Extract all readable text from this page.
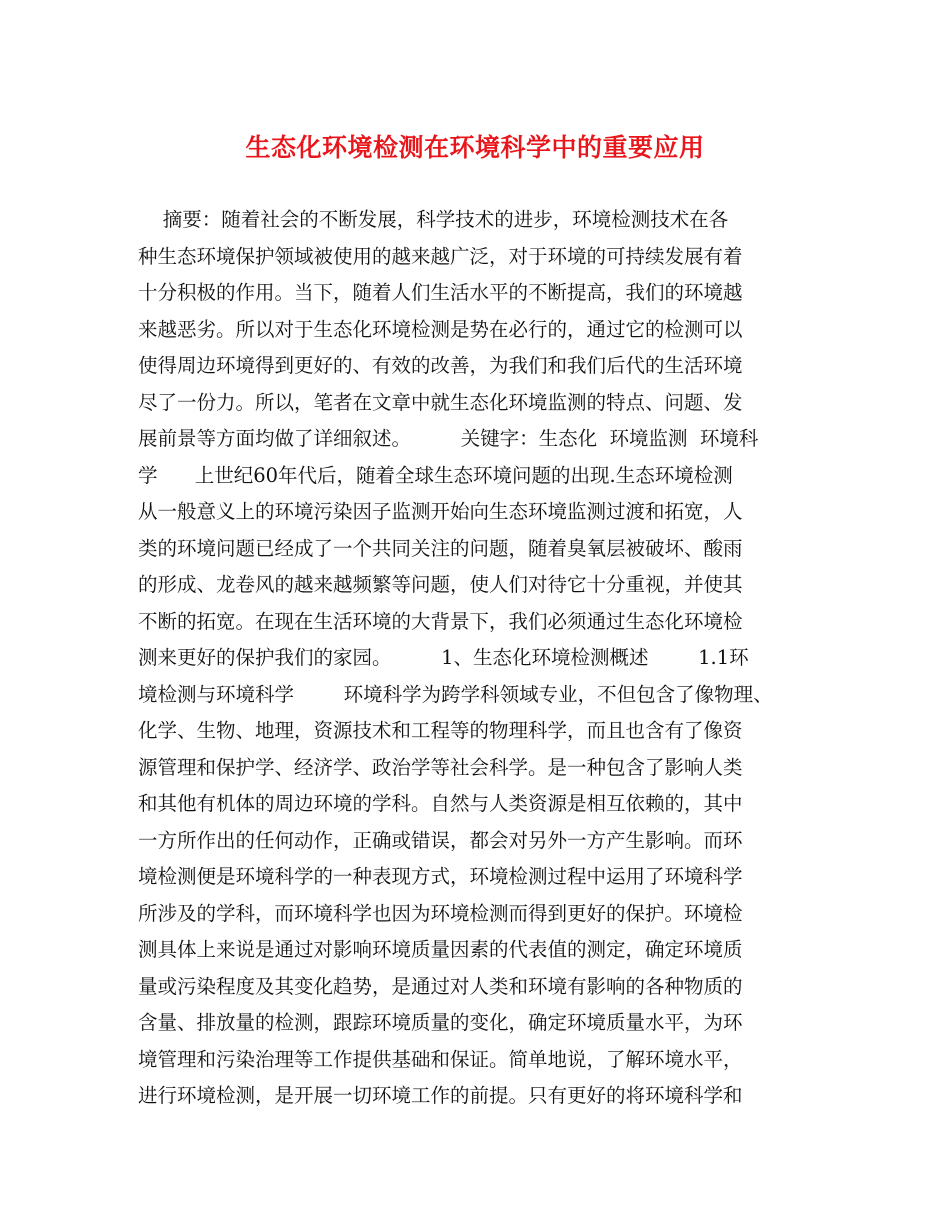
生态化环境检测在环境科学中的重要应用
摘要：随着社会的不断发展，科学技术的进步，环境检测技术在各
种生态环境保护领域被使用的越来越广泛，对于环境的可持续发展有着
十分积极的作用。当下，随着人们生活水平的不断提高，我们的环境越
来越恶劣。所以对于生态化环境检测是势在必行的，通过它的检测可以
使得周边环境得到更好的、有效的改善，为我们和我们后代的生活环境
尽了一份力。所以，笔者在文章中就生态化环境监测的特点、问题、发
展前景等方面均做了详细叙述。        关键字：生态化  环境监测  环境科
学      上世纪60年代后，随着全球生态环境问题的出现.生态环境检测
从一般意义上的环境污染因子监测开始向生态环境监测过渡和拓宽，人
类的环境问题已经成了一个共同关注的问题，随着臭氧层被破坏、酸雨
的形成、龙卷风的越来越频繁等问题，使人们对待它十分重视，并使其
不断的拓宽。在现在生活环境的大背景下，我们必须通过生态化环境检
测来更好的保护我们的家园。        1、生态化环境检测概述        1.1环
境检测与环境科学        环境科学为跨学科领域专业，不但包含了像物理、
化学、生物、地理，资源技术和工程等的物理科学，而且也含有了像资
源管理和保护学、经济学、政治学等社会科学。是一种包含了影响人类
和其他有机体的周边环境的学科。自然与人类资源是相互依赖的，其中
一方所作出的任何动作，正确或错误，都会对另外一方产生影响。而环
境检测便是环境科学的一种表现方式，环境检测过程中运用了环境科学
所涉及的学科，而环境科学也因为环境检测而得到更好的保护。环境检
测具体上来说是通过对影响环境质量因素的代表值的测定，确定环境质
量或污染程度及其变化趋势，是通过对人类和环境有影响的各种物质的
含量、排放量的检测，跟踪环境质量的变化，确定环境质量水平，为环
境管理和污染治理等工作提供基础和保证。简单地说，了解环境水平，
进行环境检测，是开展一切环境工作的前提。只有更好的将环境科学和
